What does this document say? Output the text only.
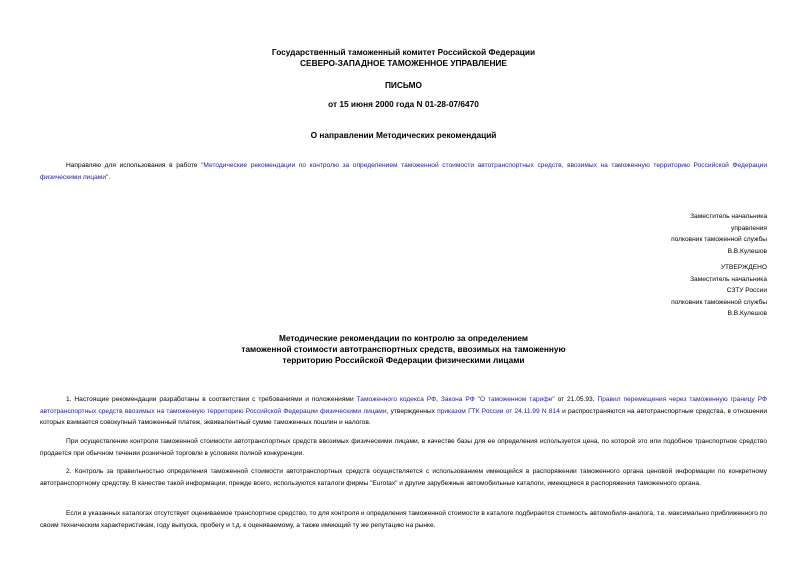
Государственный таможенный комитет Российской Федерации
СЕВЕРО-ЗАПАДНОЕ ТАМОЖЕННОЕ УПРАВЛЕНИЕ
ПИСЬМО
от 15 июня 2000 года N 01-28-07/6470
О направлении Методических рекомендаций

Направляю для использования в работе "Методические рекомендации по контролю за определением таможенной стоимости автотранспортных средств, ввозимых на таможенную территорию Российской Федерации физическими лицами".

Заместитель начальника
управления
полковник таможенной службы
В.В.Кулешов
УТВЕРЖДЕНО
Заместитель начальника
СЗТУ России
полковник таможенной службы
В.В.Кулешов
Методические рекомендации по контролю за определением
таможенной стоимости автотранспортных средств, ввозимых на таможенную
территорию Российской Федерации физическими лицами

1. Настоящие рекомендации разработаны в соответствии с требованиями и положениями Таможенного кодекса РФ, Закона РФ "О таможенном тарифе" от 21.05.93, Правил перемещения через таможенную границу РФ автотранспортных средств ввозимых на таможенную территорию Российской Федерации физическими лицами, утвержденных приказом ГТК России от 24.11.99 N 814 и распространяются на автотранспортные средства, в отношении которых взимается совокупный таможенный платеж, эквивалентный сумме таможенных пошлин и налогов.

При осуществлении контроля таможенной стоимости автотранспортных средств ввозимых физическими лицами, в качестве базы для ее определения используется цена, по которой это или подобное транспортное средство продается при обычном течении розничной торговли в условиях полной конкуренции.

2. Контроль за правильностью определения таможенной стоимости автотранспортных средств осуществляется с использованием имеющейся в распоряжении таможенного органа ценовой информации по конкретному автотранспортному средству. В качестве такой информации, прежде всего, используются каталоги фирмы "Eurotax" и другие зарубежные автомобильные каталоги, имеющиеся в распоряжении таможенного органа.

Если в указанных каталогах отсутствует оцениваемое транспортное средство, то для контроля и определения таможенной стоимости в каталоге подбирается стоимость автомобиля-аналога, т.е. максимально приближенного по своим техническим характеристикам, году выпуска, пробегу и т.д. к оцениваемому, а также имеющий ту же репутацию на рынке.
